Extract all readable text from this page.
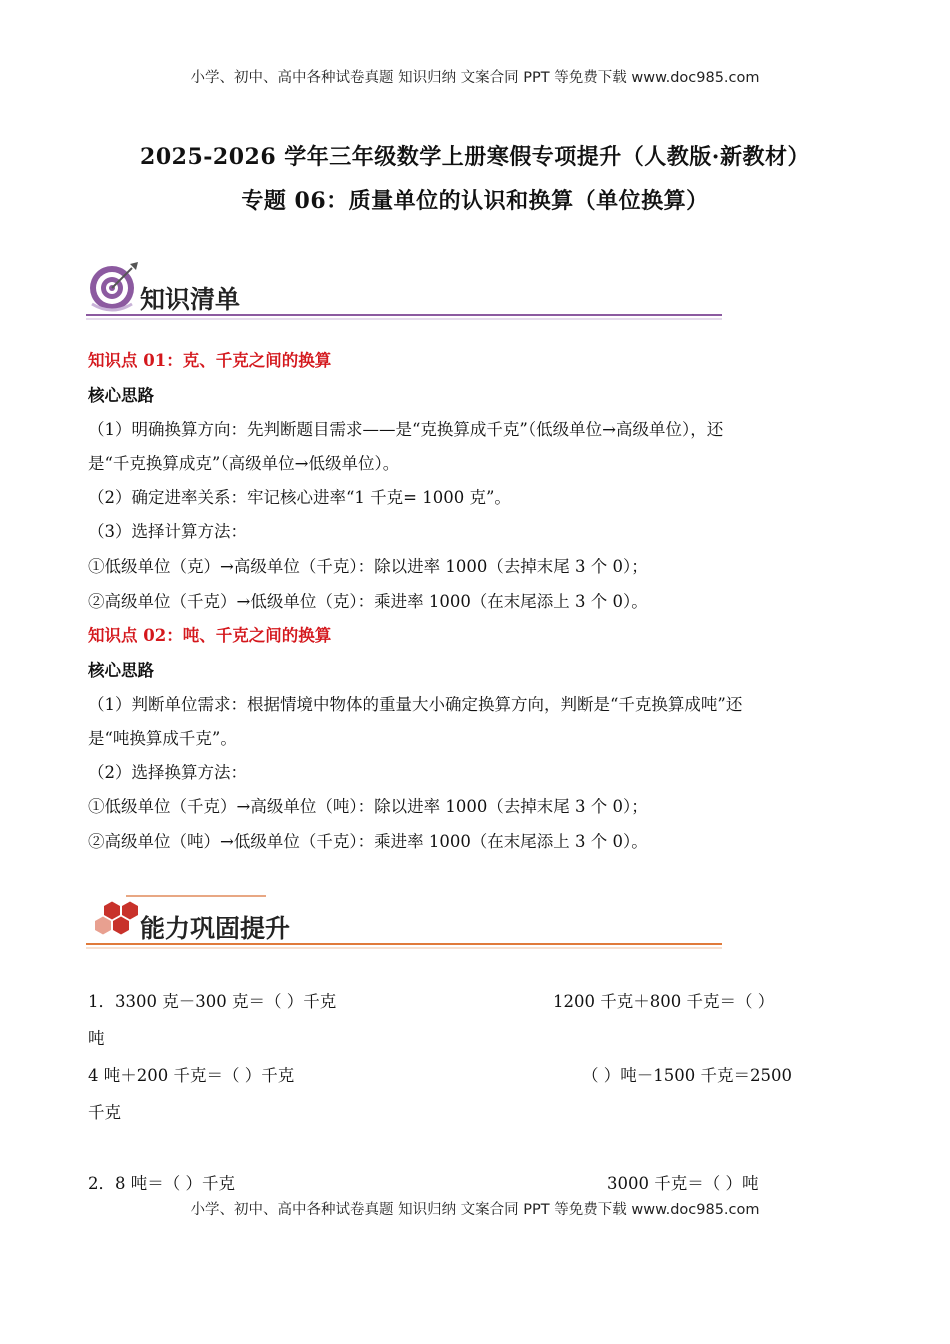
小学、初中、高中各种试卷真题 知识归纳 文案合同 PPT 等免费下载 www.doc985.com
2025-2026 学年三年级数学上册寒假专项提升（人教版·新教材）
专题 06：质量单位的认识和换算（单位换算）
知识清单
知识点 01：克、千克之间的换算
核心思路
（1）明确换算方向：先判断题目需求——是“克换算成千克”（低级单位→高级单位），还
是“千克换算成克”（高级单位→低级单位）。
（2）确定进率关系：牢记核心进率“1 千克= 1000 克”。
（3）选择计算方法：
①低级单位（克）→高级单位（千克）：除以进率 1000（去掉末尾 3 个 0）；
②高级单位（千克）→低级单位（克）：乘进率 1000（在末尾添上 3 个 0）。
知识点 02：吨、千克之间的换算
核心思路
（1）判断单位需求：根据情境中物体的重量大小确定换算方向，判断是“千克换算成吨”还
是“吨换算成千克”。
（2）选择换算方法：
①低级单位（千克）→高级单位（吨）：除以进率 1000（去掉末尾 3 个 0）；
②高级单位（吨）→低级单位（千克）：乘进率 1000（在末尾添上 3 个 0）。
能力巩固提升
1．3300 克－300 克＝（ ）千克	1200 千克＋800 千克＝（ ）
吨
4 吨＋200 千克＝（ ）千克	（ ）吨－1500 千克＝2500
千克
2．8 吨＝（ ）千克	3000 千克＝（ ）吨
小学、初中、高中各种试卷真题 知识归纳 文案合同 PPT 等免费下载 www.doc985.com
